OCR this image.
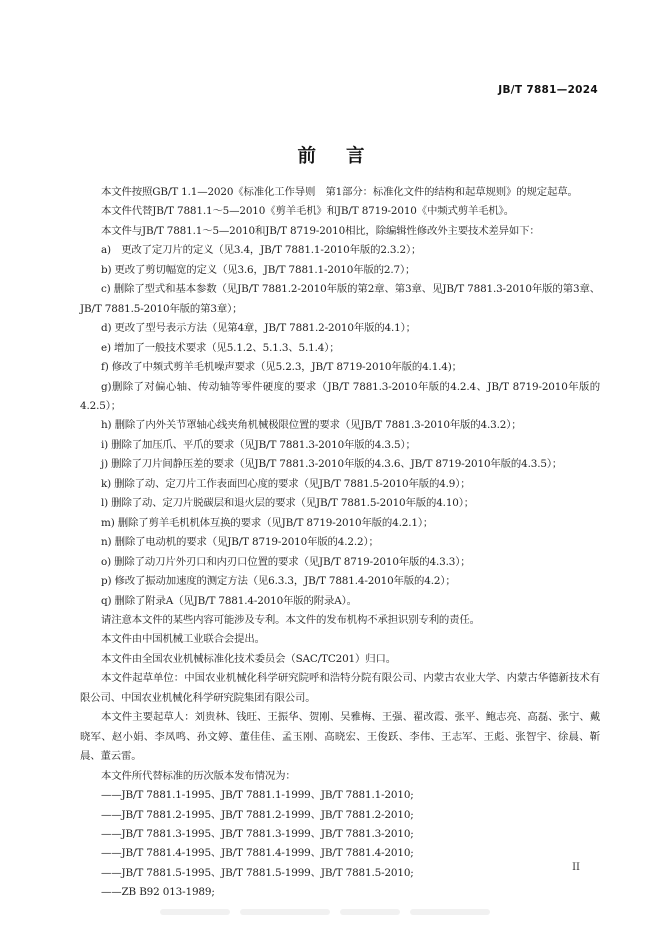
JB/T 7881—2024
前言

本文件按照GB/T 1.1—2020《标准化工作导则　第1部分：标准化文件的结构和起草规则》的规定起草。

本文件代替JB/T 7881.1～5—2010《剪羊毛机》和JB/T 8719-2010《中频式剪羊毛机》。

本文件与JB/T 7881.1～5—2010和JB/T 8719-2010相比，除编辑性修改外主要技术差异如下：

a)　更改了定刀片的定义（见3.4，JB/T 7881.1-2010年版的2.3.2）；

b) 更改了剪切幅宽的定义（见3.6，JB/T 7881.1-2010年版的2.7）；

c) 删除了型式和基本参数（见JB/T 7881.2-2010年版的第2章、第3章、见JB/T 7881.3-2010年版的第3章、JB/T 7881.5-2010年版的第3章）；

d) 更改了型号表示方法（见第4章，JB/T 7881.2-2010年版的4.1）；

e) 增加了一般技术要求（见5.1.2、5.1.3、5.1.4）；

f) 修改了中频式剪羊毛机噪声要求（见5.2.3，JB/T 8719-2010年版的4.1.4)；

g)删除了对偏心轴、传动轴等零件硬度的要求（JB/T 7881.3-2010年版的4.2.4、JB/T 8719-2010年版的4.2.5）；

h) 删除了内外关节罩轴心线夹角机械极限位置的要求（见JB/T 7881.3-2010年版的4.3.2）；

i) 删除了加压爪、平爪的要求（见JB/T 7881.3-2010年版的4.3.5）；

j) 删除了刀片间静压差的要求（见JB/T 7881.3-2010年版的4.3.6、JB/T 8719-2010年版的4.3.5）；

k) 删除了动、定刀片工作表面凹心度的要求（见JB/T 7881.5-2010年版的4.9）；

l) 删除了动、定刀片脱碳层和退火层的要求（见JB/T 7881.5-2010年版的4.10）；

m) 删除了剪羊毛机机体互换的要求（见JB/T 8719-2010年版的4.2.1）；

n) 删除了电动机的要求（见JB/T 8719-2010年版的4.2.2）；

o) 删除了动刀片外刃口和内刃口位置的要求（见JB/T 8719-2010年版的4.3.3）；

p) 修改了振动加速度的测定方法（见6.3.3，JB/T 7881.4-2010年版的4.2）；

q) 删除了附录A（见JB/T 7881.4-2010年版的附录A）。

请注意本文件的某些内容可能涉及专利。本文件的发布机构不承担识别专利的责任。

本文件由中国机械工业联合会提出。

本文件由全国农业机械标准化技术委员会（SAC/TC201）归口。

本文件起草单位：中国农业机械化科学研究院呼和浩特分院有限公司、内蒙古农业大学、内蒙古华德新技术有限公司、中国农业机械化科学研究院集团有限公司。

本文件主要起草人：刘贵林、钱旺、王振华、贺刚、吴雅梅、王强、翟改霞、张平、鲍志亮、高磊、张宁、戴晓军、赵小娟、李凤鸣、孙文婷、董佳佳、孟玉刚、高晓宏、王俊跃、李伟、王志军、王彪、张智宇、徐晨、靳晨、董云雷。

本文件所代替标准的历次版本发布情况为：

——JB/T 7881.1-1995、JB/T 7881.1-1999、JB/T 7881.1-2010;

——JB/T 7881.2-1995、JB/T 7881.2-1999、JB/T 7881.2-2010;

——JB/T 7881.3-1995、JB/T 7881.3-1999、JB/T 7881.3-2010;

——JB/T 7881.4-1995、JB/T 7881.4-1999、JB/T 7881.4-2010;

——JB/T 7881.5-1995、JB/T 7881.5-1999、JB/T 7881.5-2010;

——ZB B92 013-1989;

II
